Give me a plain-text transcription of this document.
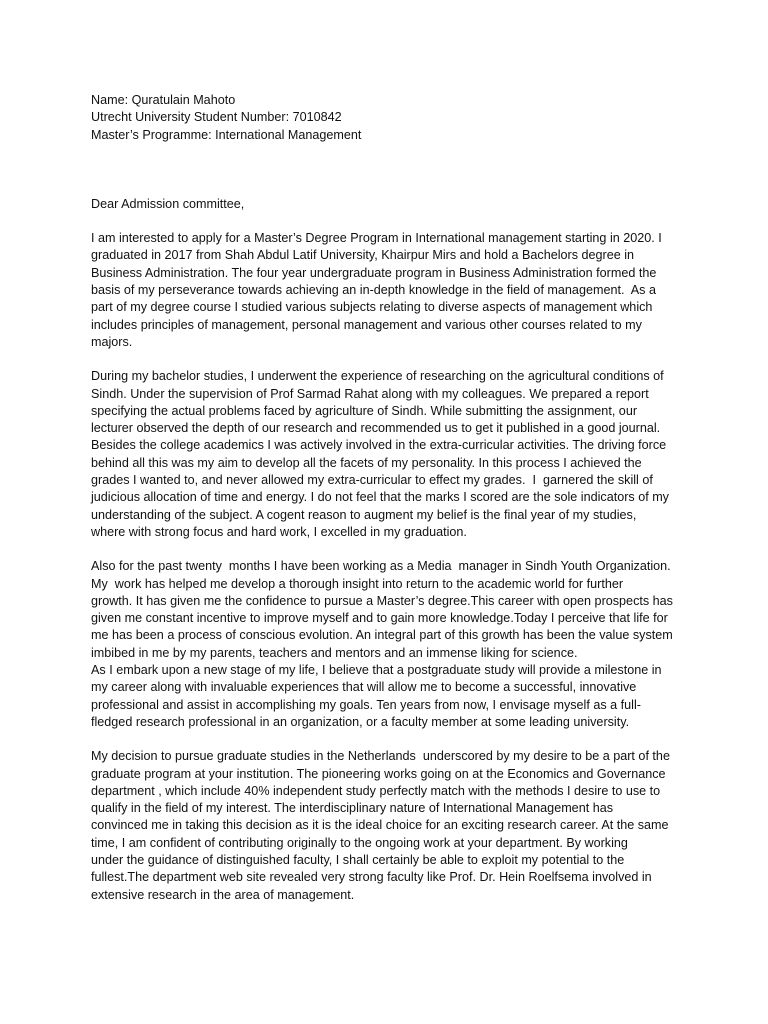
Name: Quratulain Mahoto
Utrecht University Student Number: 7010842
Master’s Programme: International Management
Dear Admission committee,
I am interested to apply for a Master’s Degree Program in International management starting in 2020. I
graduated in 2017 from Shah Abdul Latif University, Khairpur Mirs and hold a Bachelors degree in
Business Administration. The four year undergraduate program in Business Administration formed the
basis of my perseverance towards achieving an in-depth knowledge in the field of management.  As a
part of my degree course I studied various subjects relating to diverse aspects of management which
includes principles of management, personal management and various other courses related to my
majors.
During my bachelor studies, I underwent the experience of researching on the agricultural conditions of
Sindh. Under the supervision of Prof Sarmad Rahat along with my colleagues. We prepared a report
specifying the actual problems faced by agriculture of Sindh. While submitting the assignment, our
lecturer observed the depth of our research and recommended us to get it published in a good journal.
Besides the college academics I was actively involved in the extra-curricular activities. The driving force
behind all this was my aim to develop all the facets of my personality. In this process I achieved the
grades I wanted to, and never allowed my extra-curricular to effect my grades.  I  garnered the skill of
judicious allocation of time and energy. I do not feel that the marks I scored are the sole indicators of my
understanding of the subject. A cogent reason to augment my belief is the final year of my studies,
where with strong focus and hard work, I excelled in my graduation.
Also for the past twenty  months I have been working as a Media  manager in Sindh Youth Organization.
My  work has helped me develop a thorough insight into return to the academic world for further
growth. It has given me the confidence to pursue a Master’s degree.This career with open prospects has
given me constant incentive to improve myself and to gain more knowledge.Today I perceive that life for
me has been a process of conscious evolution. An integral part of this growth has been the value system
imbibed in me by my parents, teachers and mentors and an immense liking for science.
As I embark upon a new stage of my life, I believe that a postgraduate study will provide a milestone in
my career along with invaluable experiences that will allow me to become a successful, innovative
professional and assist in accomplishing my goals. Ten years from now, I envisage myself as a full-
fledged research professional in an organization, or a faculty member at some leading university.
My decision to pursue graduate studies in the Netherlands  underscored by my desire to be a part of the
graduate program at your institution. The pioneering works going on at the Economics and Governance
department , which include 40% independent study perfectly match with the methods I desire to use to
qualify in the field of my interest. The interdisciplinary nature of International Management has
convinced me in taking this decision as it is the ideal choice for an exciting research career. At the same
time, I am confident of contributing originally to the ongoing work at your department. By working
under the guidance of distinguished faculty, I shall certainly be able to exploit my potential to the
fullest.The department web site revealed very strong faculty like Prof. Dr. Hein Roelfsema involved in
extensive research in the area of management.
